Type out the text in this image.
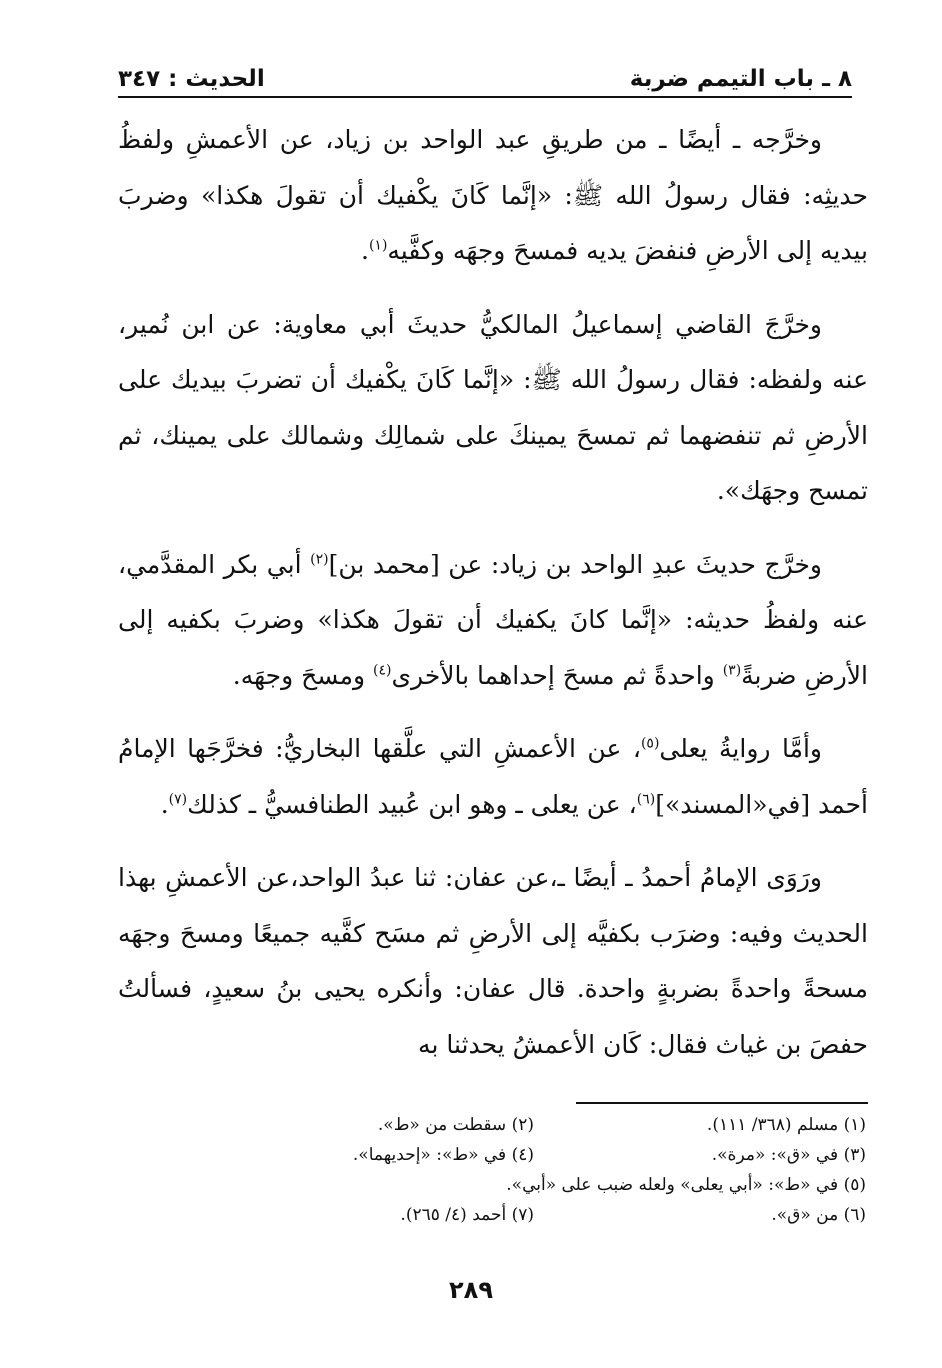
٨ ـ باب التيمم ضربة
الحديث : ٣٤٧

وخرَّجه ـ أيضًا ـ من طريقِ عبد الواحد بن زياد، عن الأعمشِ ولفظُ حديثِه: فقال رسولُ الله ﷺ: «إنَّما كَانَ يكْفيك أن تقولَ هكذا» وضربَ بيديه إلى الأرضِ فنفضَ يديه فمسحَ وجهَه وكفَّيه$^{(١)}$.

وخرَّجَ القاضي إسماعيلُ المالكيُّ حديثَ أبي معاوية: عن ابن نُمير، عنه ولفظه: فقال رسولُ الله ﷺ: «إنَّما كَانَ يكْفيك أن تضربَ بيديك على الأرضِ ثم تنفضهما ثم تمسحَ يمينكَ على شمالِك وشمالك على يمينك، ثم تمسح وجهَك».

وخرَّج حديثَ عبدِ الواحد بن زياد: عن [محمد بن]$^{(٢)}$ أبي بكر المقدَّمي، عنه ولفظُ حديثه: «إنَّما كانَ يكفيك أن تقولَ هكذا» وضربَ بكفيه إلى الأرضِ ضربةً$^{(٣)}$ واحدةً ثم مسحَ إحداهما بالأخرى$^{(٤)}$ ومسحَ وجهَه.

وأمَّا روايةُ يعلى$^{(٥)}$، عن الأعمشِ التي علَّقها البخاريُّ: فخرَّجَها الإمامُ أحمد [في«المسند»]$^{(٦)}$، عن يعلى ـ وهو ابن عُبيد الطنافسيُّ ـ كذلك$^{(٧)}$.

ورَوَى الإمامُ أحمدُ ـ أيضًا ـ،عن عفان: ثنا عبدُ الواحد،عن الأعمشِ بهذا الحديث وفيه: وضرَب بكفيَّه إلى الأرضِ ثم مسَح كفَّيه جميعًا ومسحَ وجهَه مسحةً واحدةً بضربةٍ واحدة. قال عفان: وأنكره يحيى بنُ سعيدٍ، فسألتُ حفصَ بن غياث فقال: كَان الأعمشُ يحدثنا به

(١) مسلم (٣٦٨/ ١١١).
(٢) سقطت من «ط».
(٣) في «ق»: «مرة».
(٤) في «ط»: «إحديهما».
(٥) في «ط»: «أبي يعلى» ولعله ضبب على «أبي».
(٦) من «ق».
(٧) أحمد (٤/ ٢٦٥).
٢٨٩
